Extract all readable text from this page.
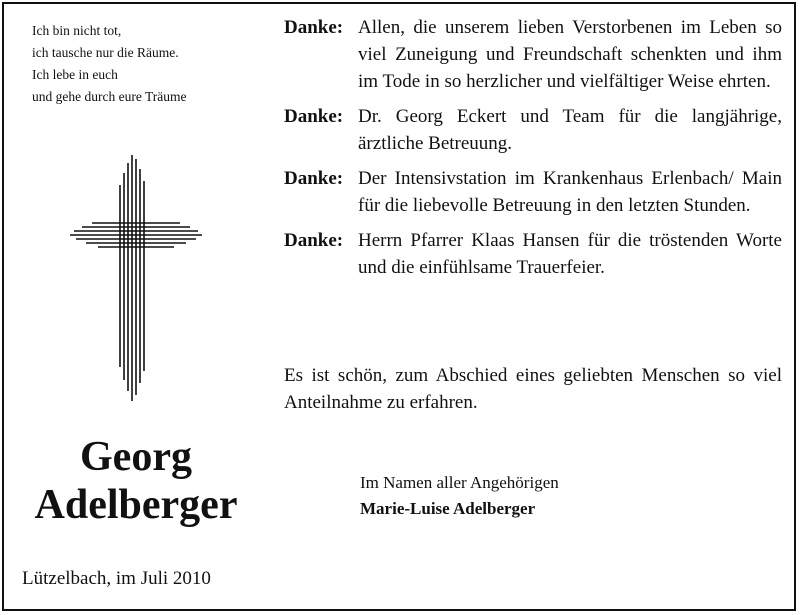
Ich bin nicht tot,
ich tausche nur die Räume.
Ich lebe in euch
und gehe durch eure Träume
Georg
Adelberger
Lützelbach, im Juli 2010
Danke: Allen, die unserem lieben Verstorbenen im Leben so viel Zuneigung und Freundschaft schenkten und ihm im Tode in so herzlicher und vielfältiger Weise ehrten.
Danke: Dr. Georg Eckert und Team für die langjährige, ärztliche Betreuung.
Danke: Der Intensivstation im Krankenhaus Erlenbach/ Main für die liebevolle Betreuung in den letzten Stunden.
Danke: Herrn Pfarrer Klaas Hansen für die tröstenden Worte und die einfühlsame Trauerfeier.
Es ist schön, zum Abschied eines geliebten Menschen so viel Anteilnahme zu erfahren.
Im Namen aller Angehörigen
Marie-Luise Adelberger
